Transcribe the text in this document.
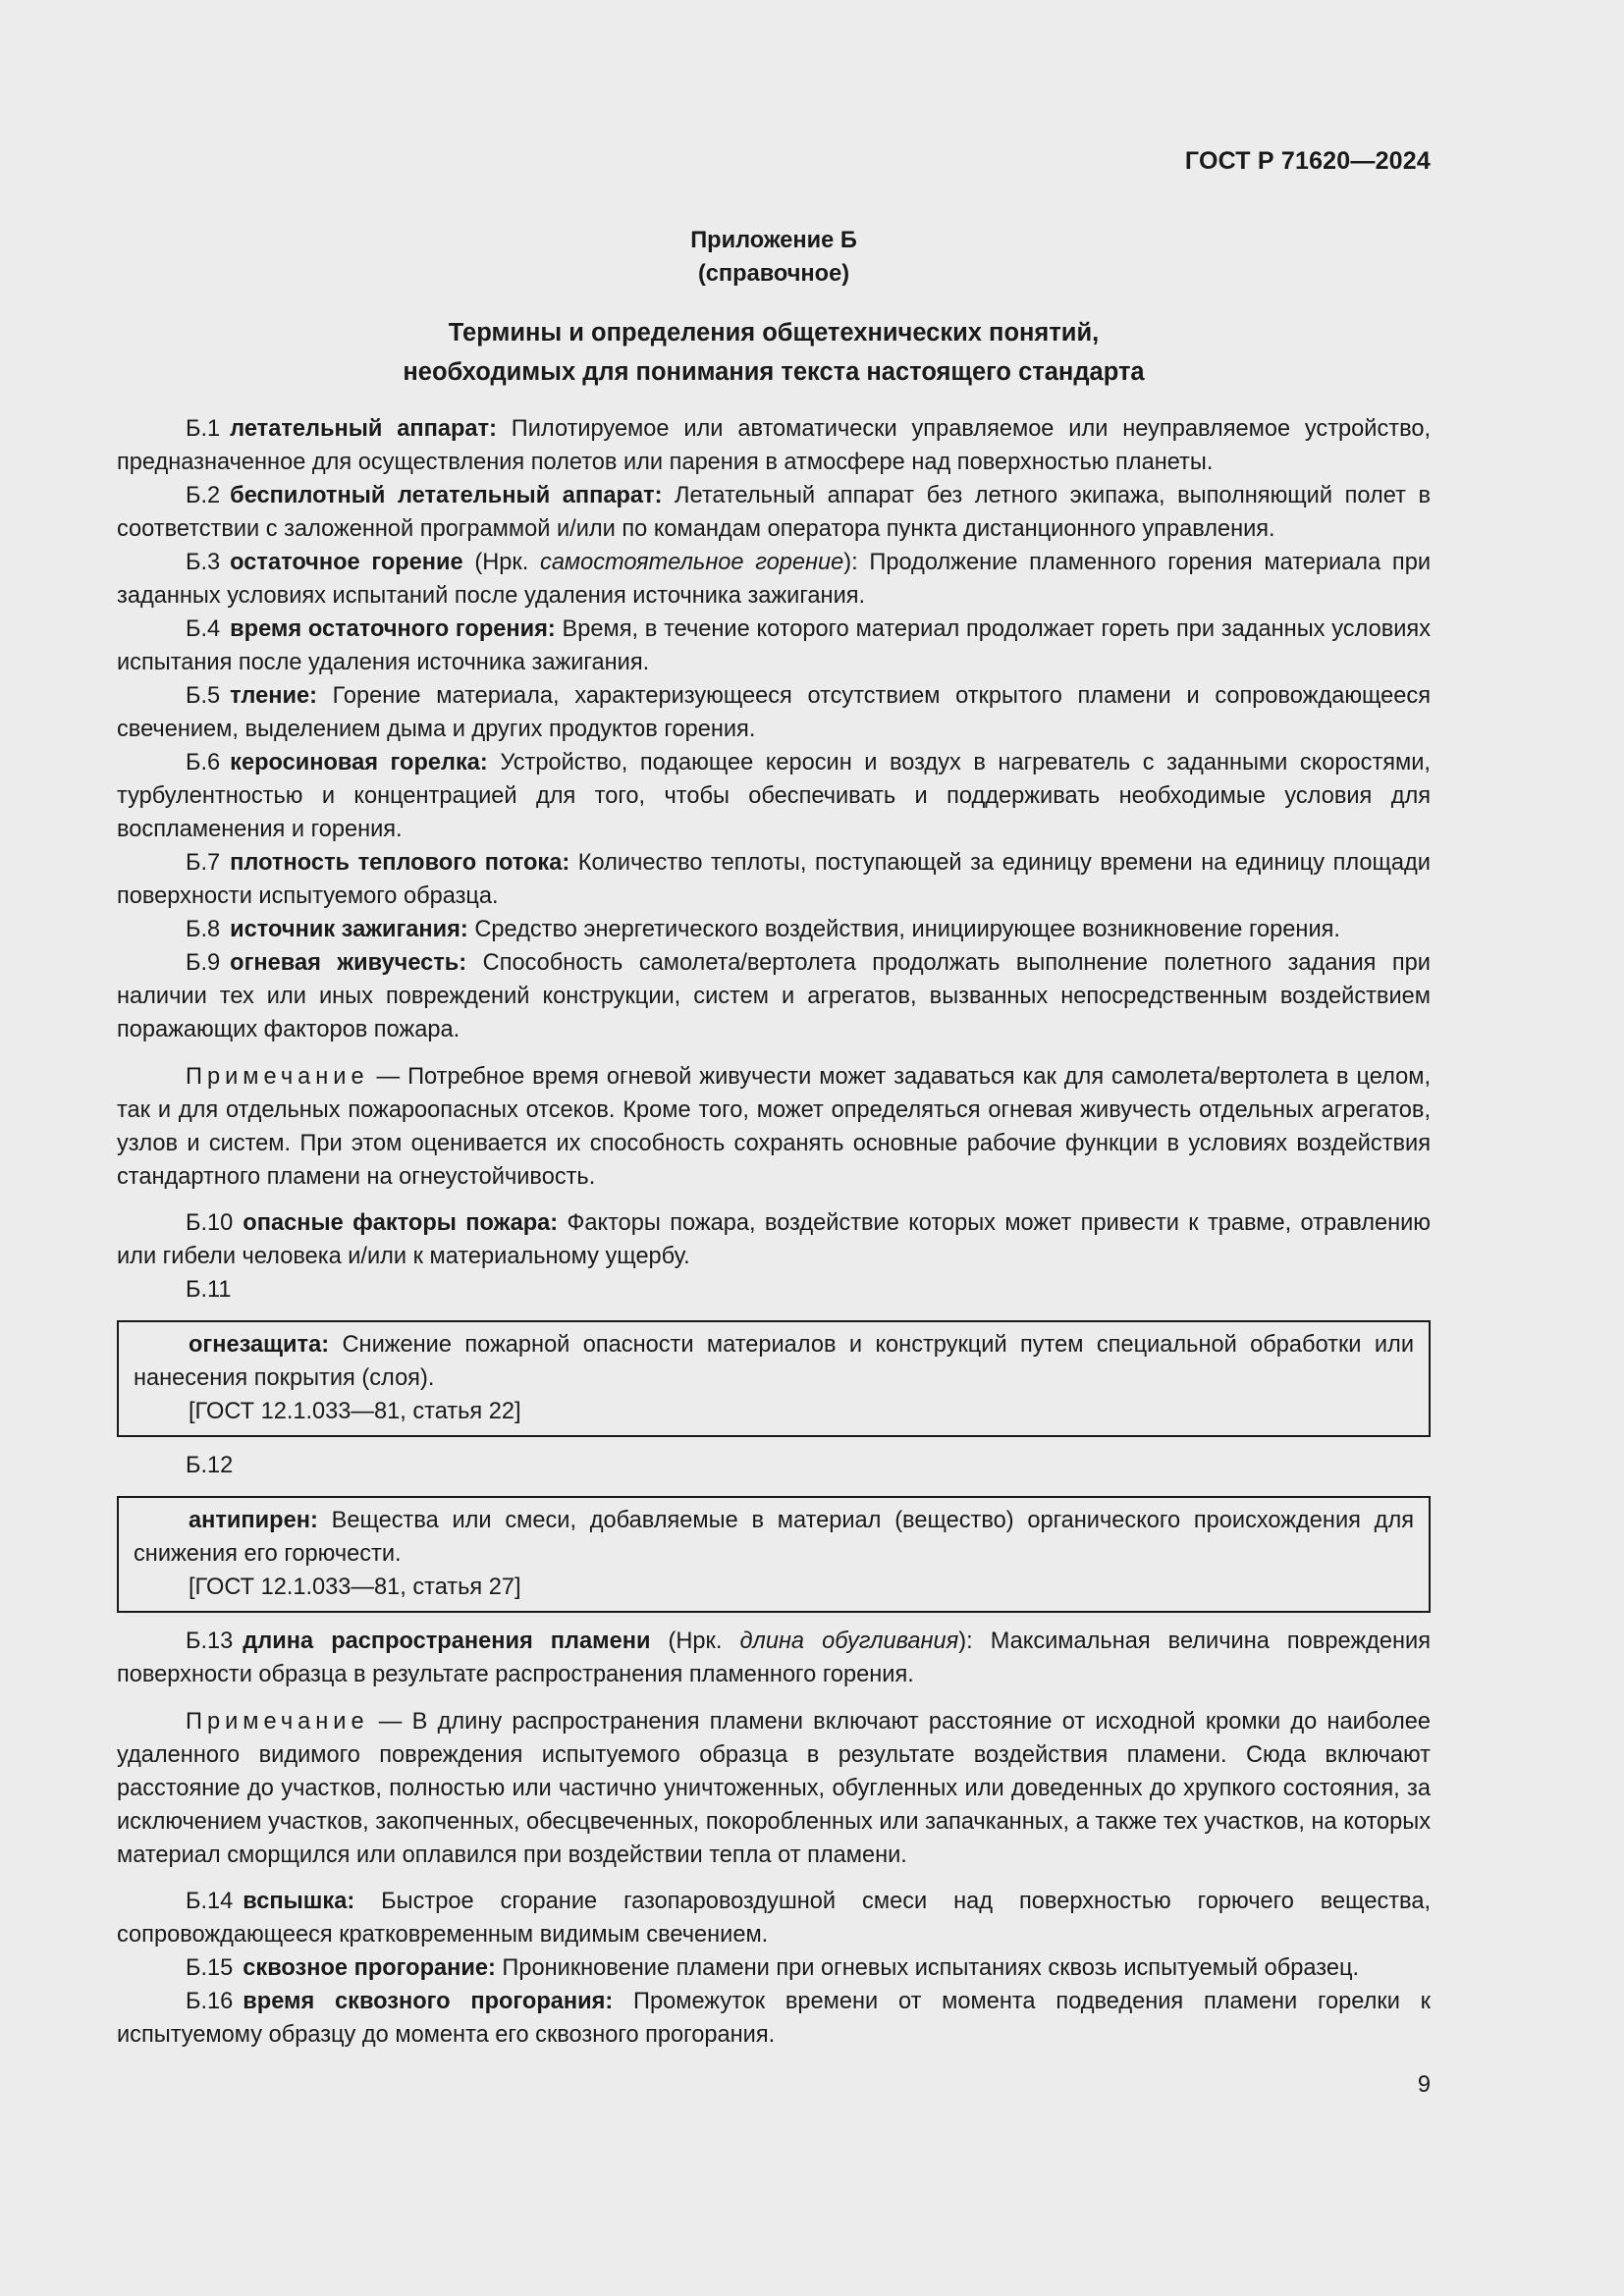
ГОСТ Р 71620—2024
Приложение Б
(справочное)
Термины и определения общетехнических понятий,
необходимых для понимания текста настоящего стандарта

Б.1 летательный аппарат: Пилотируемое или автоматически управляемое или неуправляемое устройство, предназначенное для осуществления полетов или парения в атмосфере над поверхностью планеты.

Б.2 беспилотный летательный аппарат: Летательный аппарат без летного экипажа, выполняющий полет в соответствии с заложенной программой и/или по командам оператора пункта дистанционного управления.

Б.3 остаточное горение (Нрк. самостоятельное горение): Продолжение пламенного горения материала при заданных условиях испытаний после удаления источника зажигания.

Б.4 время остаточного горения: Время, в течение которого материал продолжает гореть при заданных условиях испытания после удаления источника зажигания.

Б.5 тление: Горение материала, характеризующееся отсутствием открытого пламени и сопровождающееся свечением, выделением дыма и других продуктов горения.

Б.6 керосиновая горелка: Устройство, подающее керосин и воздух в нагреватель с заданными скоростями, турбулентностью и концентрацией для того, чтобы обеспечивать и поддерживать необходимые условия для воспламенения и горения.

Б.7 плотность теплового потока: Количество теплоты, поступающей за единицу времени на единицу площади поверхности испытуемого образца.

Б.8 источник зажигания: Средство энергетического воздействия, инициирующее возникновение горения.

Б.9 огневая живучесть: Способность самолета/вертолета продолжать выполнение полетного задания при наличии тех или иных повреждений конструкции, систем и агрегатов, вызванных непосредственным воздействием поражающих факторов пожара.

Примечание — Потребное время огневой живучести может задаваться как для самолета/вертолета в целом, так и для отдельных пожароопасных отсеков. Кроме того, может определяться огневая живучесть отдельных агрегатов, узлов и систем. При этом оценивается их способность сохранять основные рабочие функции в условиях воздействия стандартного пламени на огнеустойчивость.

Б.10 опасные факторы пожара: Факторы пожара, воздействие которых может привести к травме, отравлению или гибели человека и/или к материальному ущербу.

Б.11

огнезащита: Снижение пожарной опасности материалов и конструкций путем специальной обработки или нанесения покрытия (слоя).

[ГОСТ 12.1.033—81, статья 22]

Б.12

антипирен: Вещества или смеси, добавляемые в материал (вещество) органического происхождения для снижения его горючести.

[ГОСТ 12.1.033—81, статья 27]

Б.13 длина распространения пламени (Нрк. длина обугливания): Максимальная величина повреждения поверхности образца в результате распространения пламенного горения.

Примечание — В длину распространения пламени включают расстояние от исходной кромки до наиболее удаленного видимого повреждения испытуемого образца в результате воздействия пламени. Сюда включают расстояние до участков, полностью или частично уничтоженных, обугленных или доведенных до хрупкого состояния, за исключением участков, закопченных, обесцвеченных, покоробленных или запачканных, а также тех участков, на которых материал сморщился или оплавился при воздействии тепла от пламени.

Б.14 вспышка: Быстрое сгорание газопаровоздушной смеси над поверхностью горючего вещества, сопровождающееся кратковременным видимым свечением.

Б.15 сквозное прогорание: Проникновение пламени при огневых испытаниях сквозь испытуемый образец.

Б.16 время сквозного прогорания: Промежуток времени от момента подведения пламени горелки к испытуемому образцу до момента его сквозного прогорания.

9
